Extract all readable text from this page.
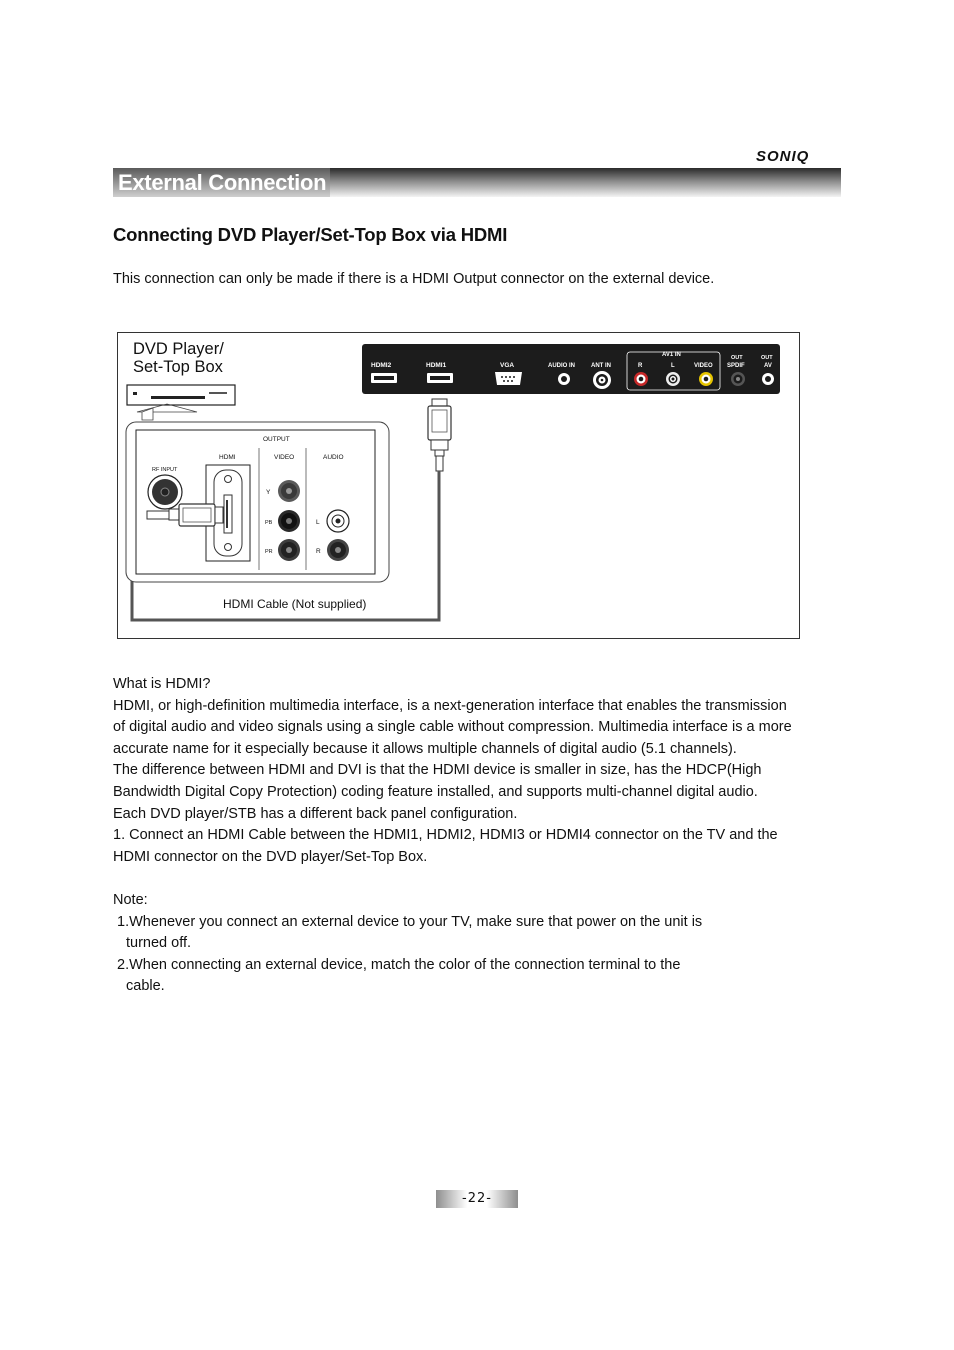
SONIQ
External Connection
Connecting DVD Player/Set-Top Box via HDMI
This connection can only be made if there is a HDMI Output connector on the external device.
DVD Player/
Set-Top Box	HDMI2	HDMI1	VGA	AUDIO IN	ANT IN
AV1 IN
R	L	VIDEO
OUT
SPDIF
OUT
AV
OUTPUT
RF INPUT
HDMI	VIDEO	AUDIO
Y
PB
PR
L
R
HDMI Cable (Not supplied)

What is HDMI?

HDMI, or high-definition multimedia interface, is a next-generation interface that enables the transmission

of digital audio and video signals using a single cable without compression. Multimedia interface is a more

accurate name for it especially because it allows multiple channels of digital audio (5.1 channels).

The difference between HDMI and DVI is that the HDMI device is smaller in size, has the HDCP(High

Bandwidth Digital Copy Protection) coding feature installed, and supports multi-channel digital audio.

Each DVD player/STB has a different back panel configuration.

1. Connect an HDMI Cable between the HDMI1, HDMI2, HDMI3 or HDMI4 connector on the TV and the

HDMI connector on the DVD player/Set-Top Box.

Note:

1.Whenever you connect an external device to your TV, make sure that power on the unit is

turned off.

2.When connecting an external device, match the color of the connection terminal to the

cable.

-22-
